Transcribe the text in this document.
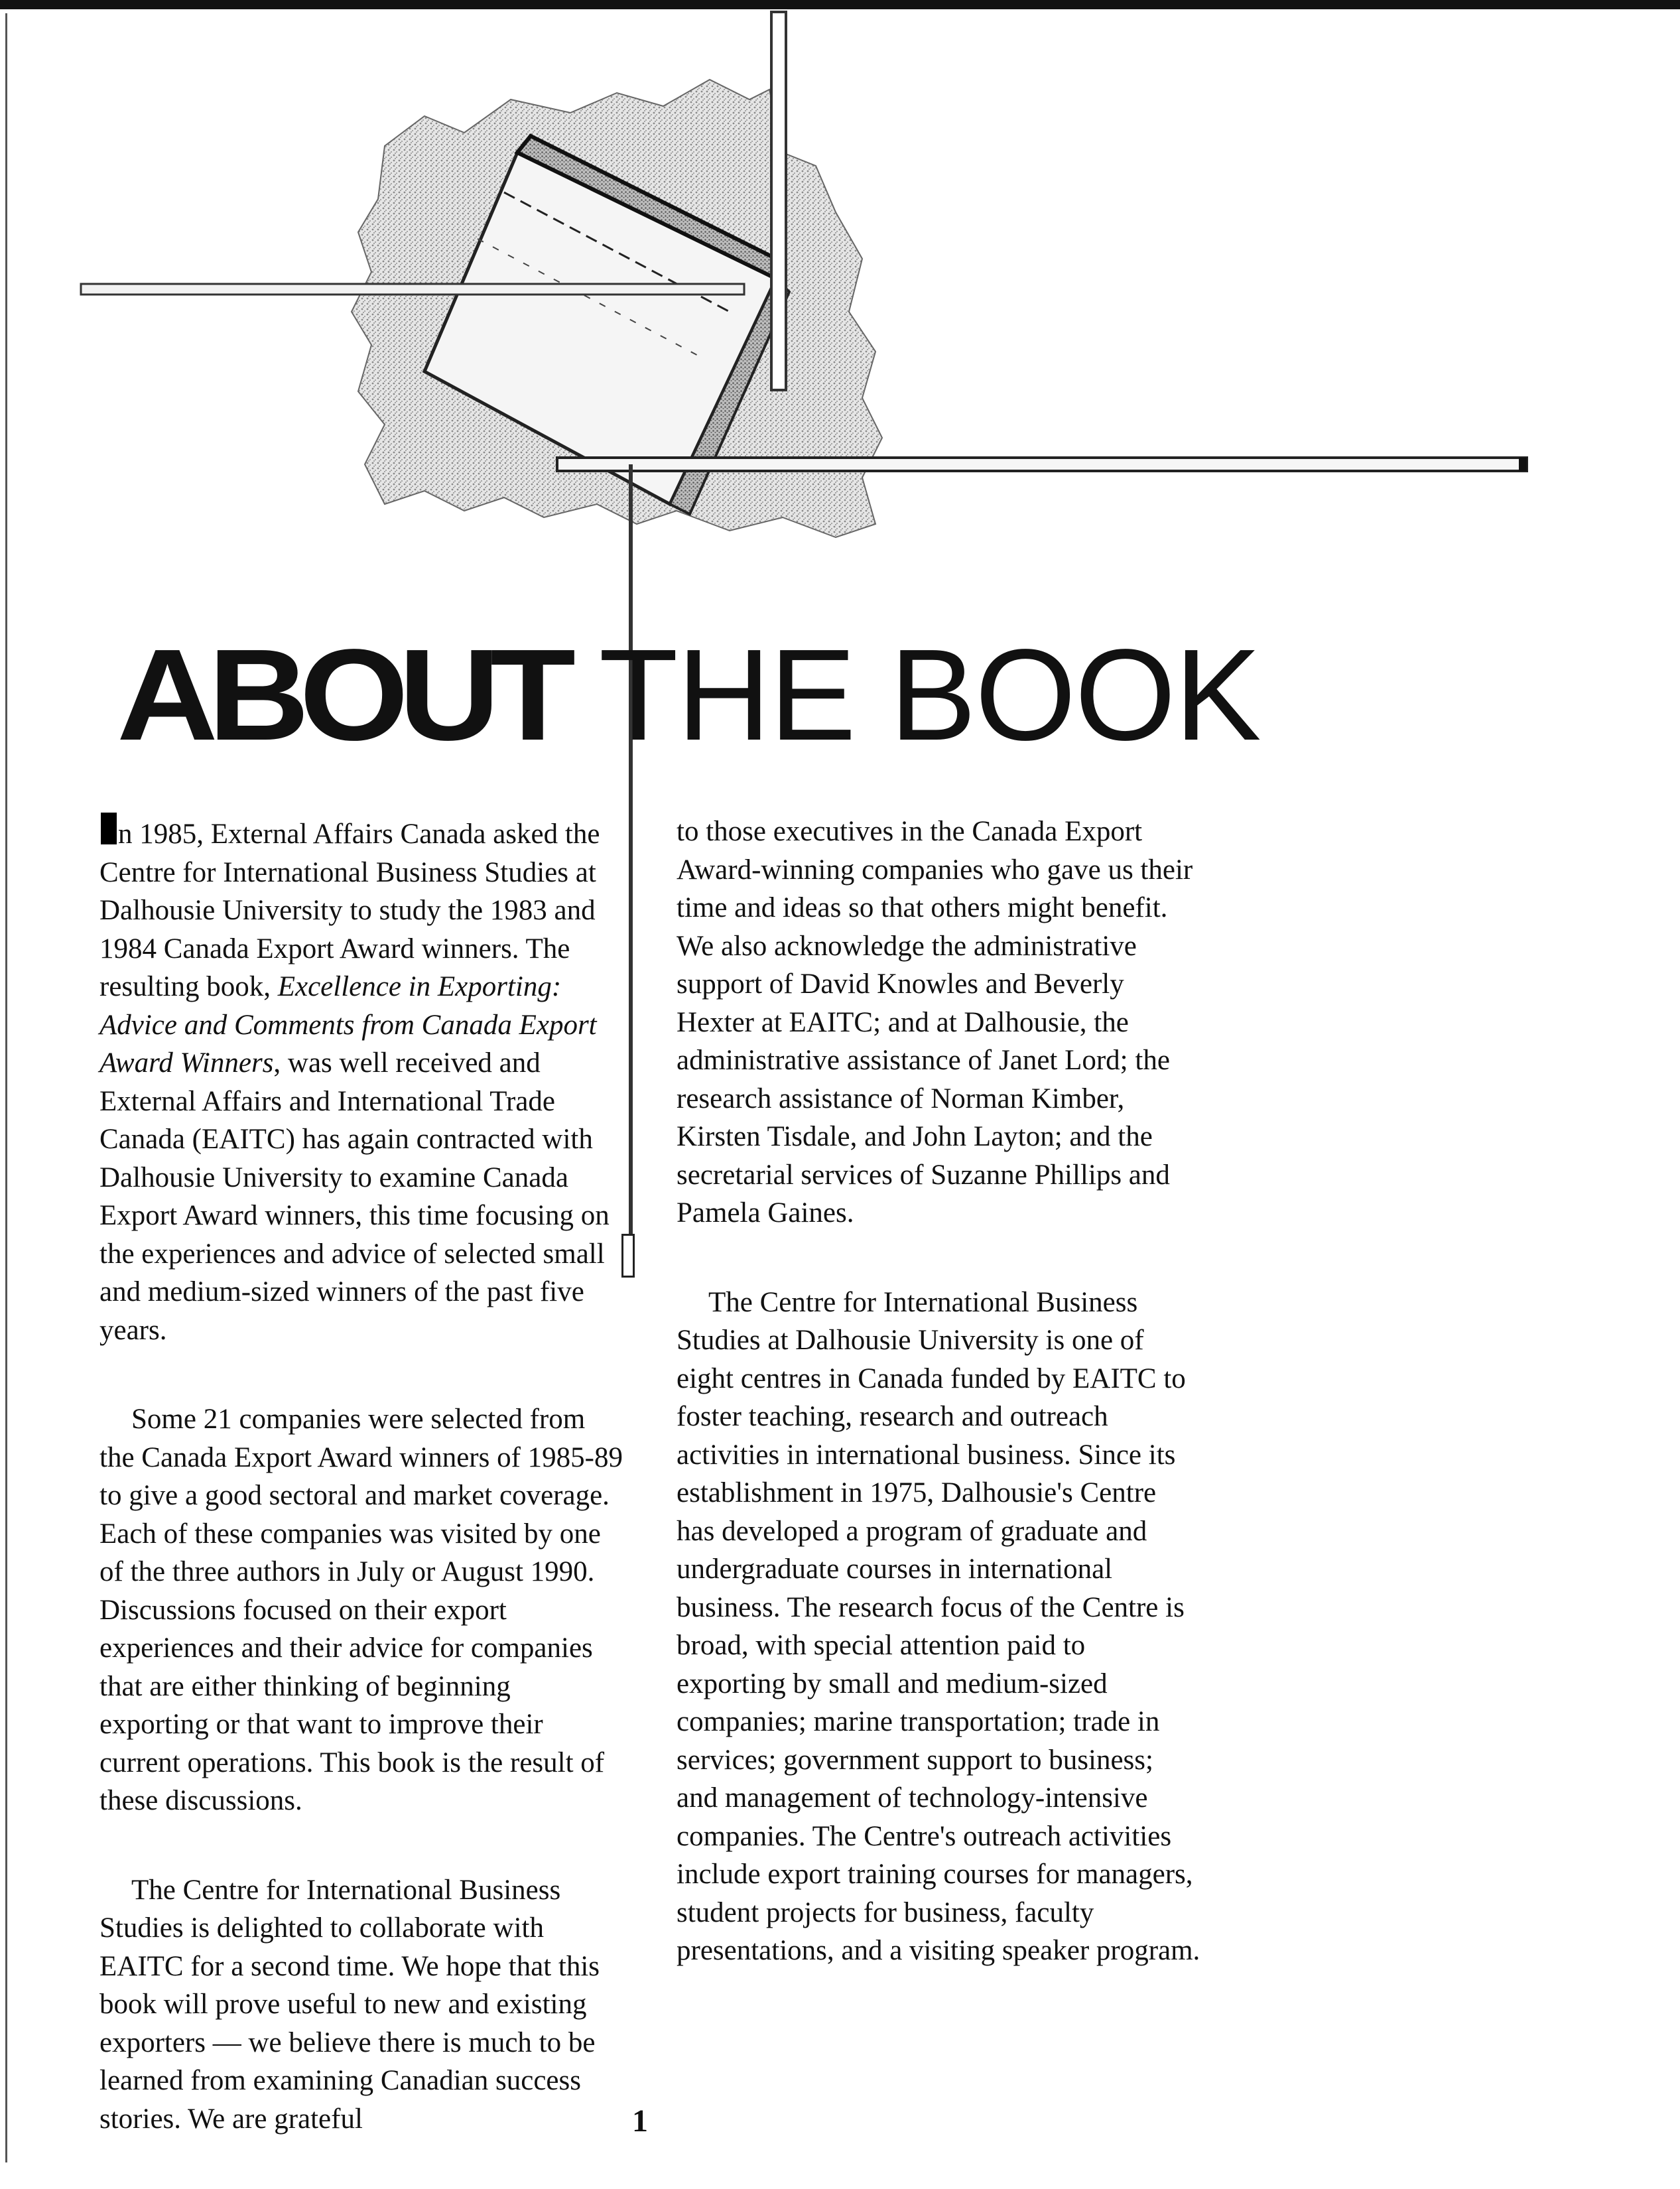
ABOUT THE BOOK

n 1985, External Affairs Canada asked the Centre for International Business Studies at Dalhousie University to study the 1983 and 1984 Canada Export Award winners. The resulting book, Excellence in Exporting: Advice and Comments from Canada Export Award Winners, was well received and External Affairs and International Trade Canada (EAITC) has again contracted with Dalhousie University to examine Canada Export Award winners, this time focusing on the experiences and advice of selected small and medium-sized winners of the past five years.

Some 21 companies were selected from the Canada Export Award winners of 1985-89 to give a good sectoral and market coverage. Each of these companies was visited by one of the three authors in July or August 1990. Discussions focused on their export experiences and their advice for companies that are either thinking of beginning exporting or that want to improve their current operations. This book is the result of these discussions.

The Centre for International Business Studies is delighted to collaborate with EAITC for a second time. We hope that this book will prove useful to new and existing exporters — we believe there is much to be learned from examining Canadian success stories. We are grateful

to those executives in the Canada Export Award-winning companies who gave us their time and ideas so that others might benefit. We also acknowledge the administrative support of David Knowles and Beverly Hexter at EAITC; and at Dalhousie, the administrative assistance of Janet Lord; the research assistance of Norman Kimber, Kirsten Tisdale, and John Layton; and the secretarial services of Suzanne Phillips and Pamela Gaines.

The Centre for International Business Studies at Dalhousie University is one of eight centres in Canada funded by EAITC to foster teaching, research and outreach activities in international business. Since its establishment in 1975, Dalhousie's Centre has developed a program of graduate and undergraduate courses in international business. The research focus of the Centre is broad, with special attention paid to exporting by small and medium-sized companies; marine transportation; trade in services; government support to business; and management of technology-intensive companies. The Centre's outreach activities include export training courses for managers, student projects for business, faculty presentations, and a visiting speaker program.

1
